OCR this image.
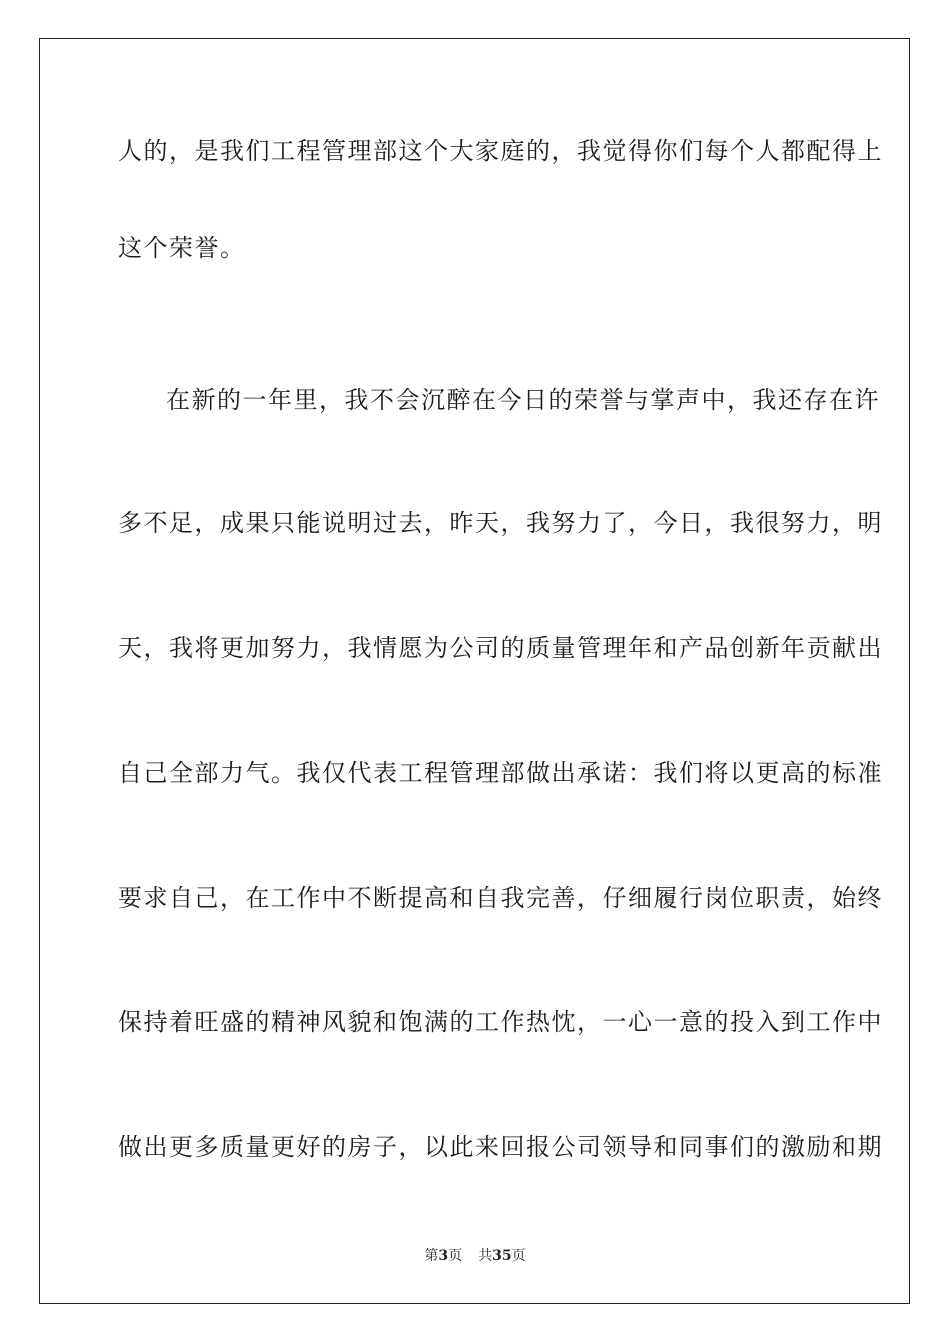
人的，是我们工程管理部这个大家庭的，我觉得你们每个人都配得上
这个荣誉。
在新的一年里，我不会沉醉在今日的荣誉与掌声中，我还存在许
多不足，成果只能说明过去，昨天，我努力了，今日，我很努力，明
天，我将更加努力，我情愿为公司的质量管理年和产品创新年贡献出
自己全部力气。我仅代表工程管理部做出承诺：我们将以更高的标准
要求自己，在工作中不断提高和自我完善，仔细履行岗位职责，始终
保持着旺盛的精神风貌和饱满的工作热忱，一心一意的投入到工作中
做出更多质量更好的房子，以此来回报公司领导和同事们的激励和期
第3页 共35页
